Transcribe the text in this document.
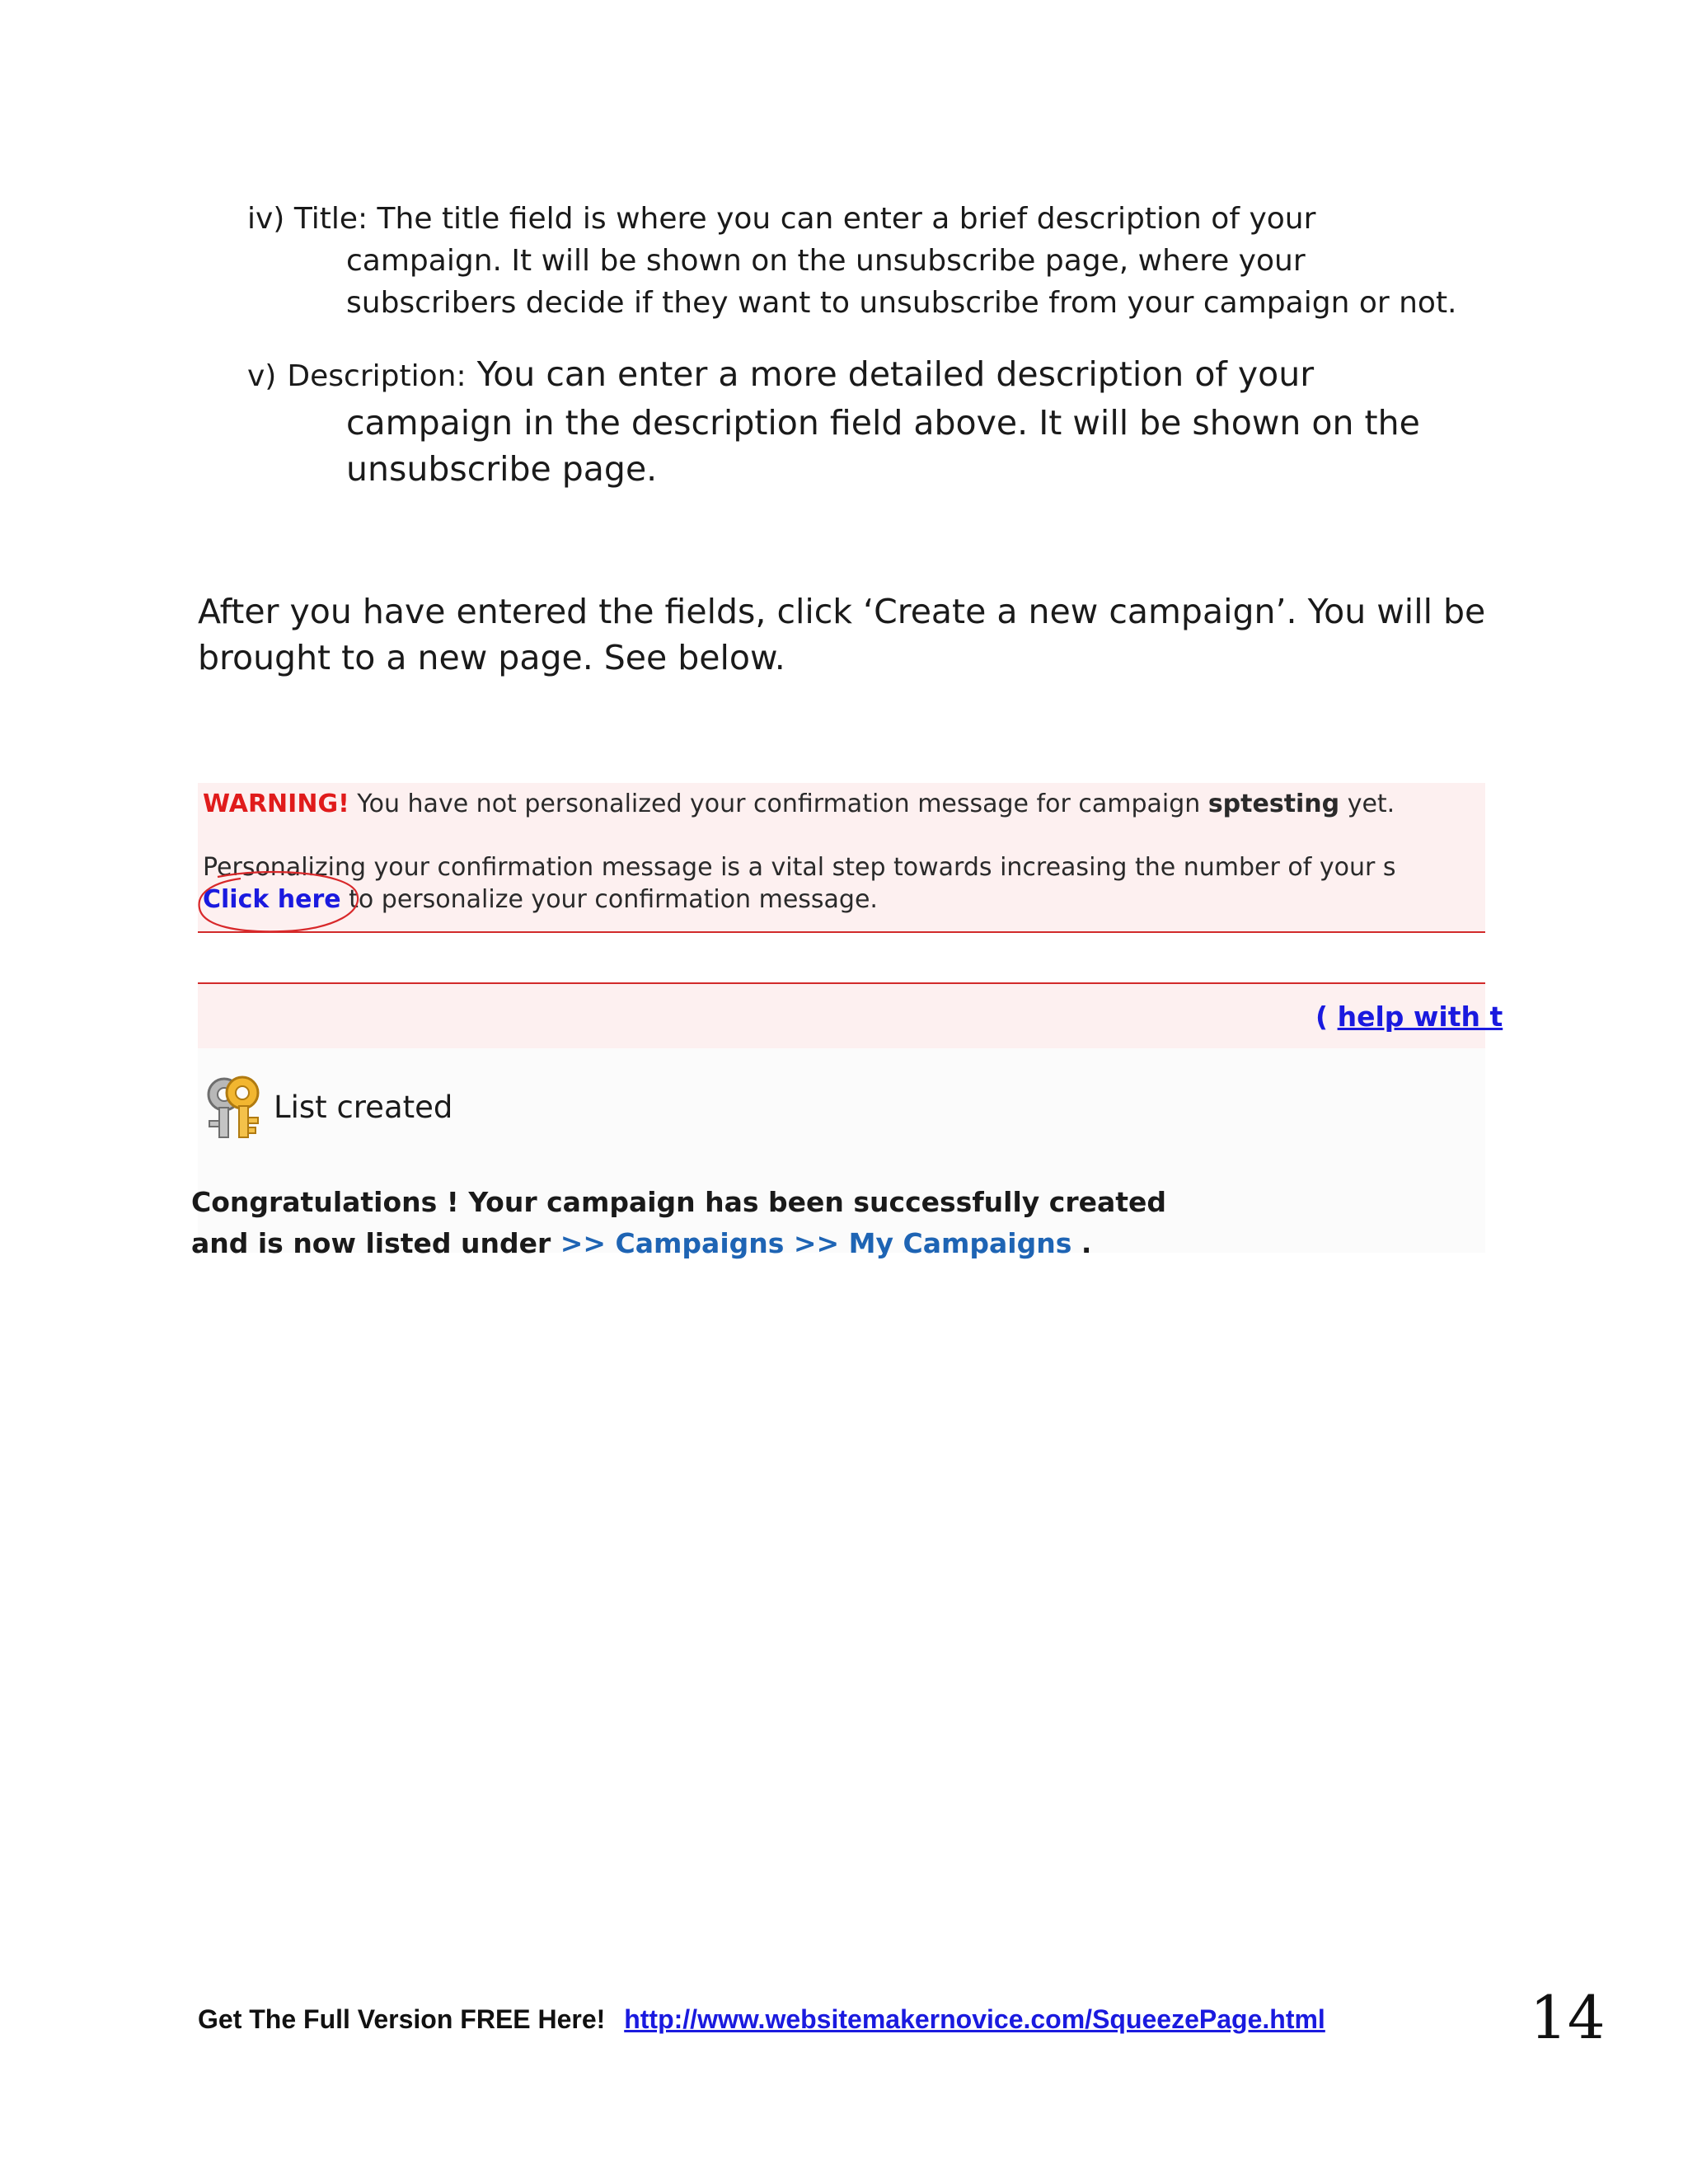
iv) Title: The title field is where you can enter a brief description of your
campaign. It will be shown on the unsubscribe page, where your
subscribers decide if they want to unsubscribe from your campaign or not.
v) Description: You can enter a more detailed description of your
campaign in the description field above. It will be shown on the
unsubscribe page.
After you have entered the fields, click ‘Create a new campaign’. You will be
brought to a new page. See below.
WARNING! You have not personalized your confirmation message for campaign sptesting yet.
Personalizing your confirmation message is a vital step towards increasing the number of your s
Click here to personalize your confirmation message.
( help with t
List created
Congratulations ! Your campaign has been successfully created
and is now listed under >> Campaigns >> My Campaigns .
Get The Full Version FREE Here! http://www.websitemakernovice.com/SqueezePage.html	14
